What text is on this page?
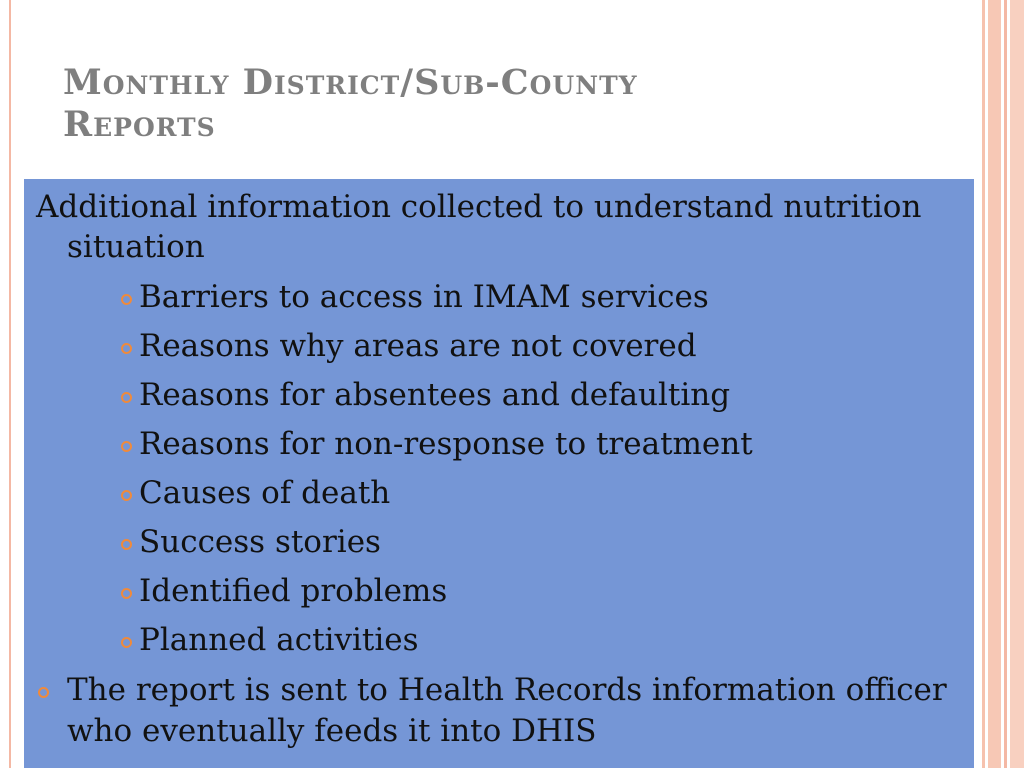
Monthly District/Sub-County
Reports
Additional information collected to understand nutrition
situation
Barriers to access in IMAM services
Reasons why areas are not covered
Reasons for absentees and defaulting
Reasons for non-response to treatment
Causes of death
Success stories
Identified problems
Planned activities
The report is sent to Health Records information officer
who eventually feeds it into DHIS
